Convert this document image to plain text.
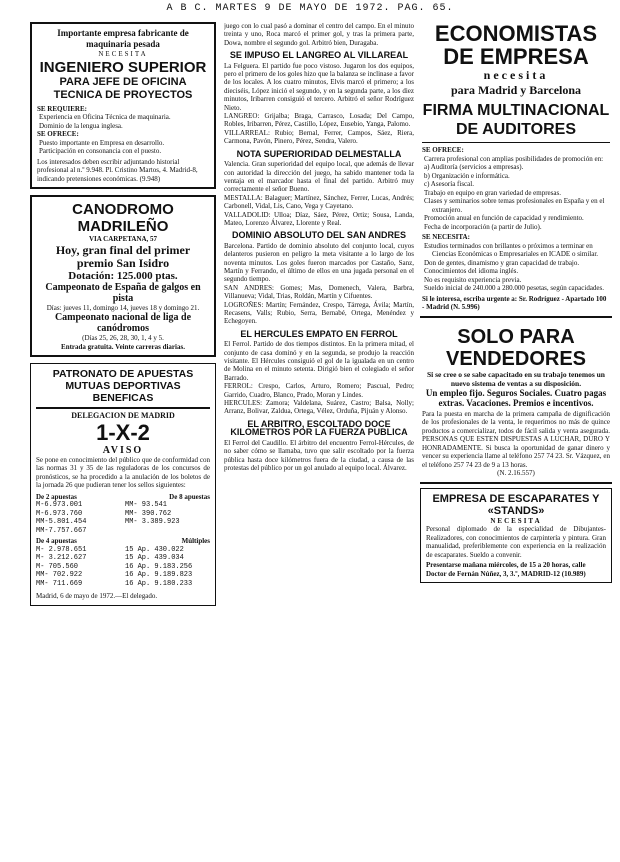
A B C. MARTES 9 DE MAYO DE 1972. PAG. 65.

Importante empresa fabricante de maquinaria pesada

NECESITA

INGENIERO SUPERIOR

PARA JEFE DE OFICINA TECNICA DE PROYECTOS

SE REQUIERE:

Experiencia en Oficina Técnica de maquinaria.

Dominio de la lengua inglesa.

SE OFRECE:

Puesto importante en Empresa en desarrollo.

Participación en consonancia con el puesto.

Los interesados deben escribir adjuntando historial profesional al n.º 9.948. Pl. Cristino Martos, 4. Madrid-8, indicando pretensiones económicas. (9.948)

CANODROMO MADRILEÑO

VIA CARPETANA, 57

Hoy, gran final del primer premio San Isidro

Dotación: 125.000 ptas.

Campeonato de España de galgos en pista

Días: jueves 11, domingo 14, jueves 18 y domingo 21.

Campeonato nacional de liga de canódromos

(Días 25, 26, 28, 30, 1, 4 y 5.

Entrada gratuita. Veinte carreras diarias.

PATRONATO DE APUESTAS MUTUAS DEPORTIVAS BENEFICAS

DELEGACION DE MADRID

1-X-2

AVISO

Se pone en conocimiento del público que de conformidad con las normas 31 y 35 de las reguladoras de los concursos de pronósticos, se ha procedido a la anulación de los boletos de la jornada 26 que pudieran tener los sellos siguientes:

De 2 apuestas	De 8 apuestas

M-6.973.001

M-6.973.760

MM-5.801.454

MM-7.757.667

MM- 93.541

MM- 390.762

MM- 3.389.923

De 4 apuestas	Múltiples

M- 2.978.651

M- 3.212.627

M- 705.560

MM- 702.922

MM- 711.669

15 Ap. 430.022

15 Ap. 439.034

16 Ap. 9.183.256

16 Ap. 9.189.823

16 Ap. 9.180.233

Madrid, 6 de mayo de 1972.—El delegado.

juego con lo cual pasó a dominar el centro del campo. En el minuto treinta y uno, Roca marcó el primer gol, y tras la primera parte, Dowa, nombre el segundo gol. Arbitró bien, Duragaba.

SE IMPUSO EL LANGREO AL VILLAREAL

La Felguera. El partido fue poco vistoso. Jugaron los dos equipos, pero el primero de los goles hizo que la balanza se inclinase a favor de los locales. A los cuatro minutos, Elvis marcó el primero; a los dieciséis, López inició el segundo, y en la segunda parte, a los diez minutos, Iribarren consiguió el tercero. Arbitró el señor Rodríguez Nieto.

LANGREO: Grijalba; Braga, Carrasco, Losada; Del Campo, Robles, Iribarren, Pérez, Castillo, López, Eusebio, Yanga, Palomo.

VILLARREAL: Rubio; Bernal, Ferrer, Campos, Sáez, Riera, Carmona, Pavón, Pinero, Pérez, Sendra, Valero.

NOTA SUPERIORIDAD DELMESTALLA

Valencia. Gran superioridad del equipo local, que además de llevar con autoridad la dirección del juego, ha sabido mantener toda la ventaja en el marcador hasta el final del partido. Arbitró muy correctamente el señor Bueno.

MESTALLA: Balaguer; Martínez, Sánchez, Ferrer, Lucas, Andrés; Carbonell, Vidal, Lis, Cano, Vega y Cayetano.

VALLADOLID: Ulloa; Díaz, Sáez, Pérez, Ortiz; Sousa, Landa, Mateo, Lorenzo Álvarez, Llorente y Real.

DOMINIO ABSOLUTO DEL SAN ANDRES

Barcelona. Partido de dominio absoluto del conjunto local, cuyos delanteros pusieron en peligro la meta visitante a lo largo de los noventa minutos. Los goles fueron marcados por Castaño, Sanz, Martín y Ferrando, el último de ellos en una jugada personal en el segundo tiempo.

SAN ANDRES: Gomes; Mas, Domenech, Valera, Barbra, Villanueva; Vidal, Trias, Roldán, Martín y Cifuentes.

LOGROÑES: Martín; Fernández, Crespo, Tárrega, Ávila; Martín, Recasens, Valls; Rubio, Serra, Bernabé, Ortega, Menéndez y Echegoyen.

EL HERCULES EMPATO EN FERROL

El Ferrol. Partido de dos tiempos distintos. En la primera mitad, el conjunto de casa dominó y en la segunda, se produjo la reacción visitante. El Hércules consiguió el gol de la igualada en un centro de Molina en el minuto setenta. Dirigió bien el colegiado el señor Barrado.

FERROL: Crespo, Carlos, Arturo, Romero; Pascual, Pedro; Garrido, Cuadro, Blanco, Prado, Moran y Lindes.

HERCULES: Zamora; Valdelana, Suárez, Castro; Balsa, Nolly; Arranz, Bolivar, Zaldua, Ortega, Vélez, Orduña, Pijuán y Alonso.

EL ARBITRO, ESCOLTADO DOCE KILOMETROS POR LA FUERZA PUBLICA

El Ferrol del Caudillo. El árbitro del encuentro Ferrol-Hércules, de no saber cómo se llamaba, tuvo que salir escoltado por la fuerza pública hasta doce kilómetros fuera de la ciudad, a causa de las protestas del público por un gol anulado al equipo local. Álvarez.

ECONOMISTAS DE EMPRESA

necesita

para Madrid y Barcelona

FIRMA MULTINACIONAL DE AUDITORES

SE OFRECE:

Carrera profesional con amplias posibilidades de promoción en:

a) Auditoría (servicios a empresas).

b) Organización e informática.

c) Asesoría fiscal.

Trabajo en equipo en gran variedad de empresas.

Clases y seminarios sobre temas profesionales en España y en el extranjero.

Promoción anual en función de capacidad y rendimiento.

Fecha de incorporación (a partir de Julio).

SE NECESITA:

Estudios terminados con brillantes o próximos a terminar en Ciencias Económicas o Empresariales en ICADE o similar.

Don de gentes, dinamismo y gran capacidad de trabajo.

Conocimientos del idioma inglés.

No es requisito experiencia previa.

Sueldo inicial de 240.000 a 280.000 pesetas, según capacidades.

Si le interesa, escriba urgente a: Sr. Rodríguez - Apartado 100 - Madrid (N. 5.996)

SOLO PARA VENDEDORES

Si se cree o se sabe capacitado en su trabajo tenemos un nuevo sistema de ventas a su disposición.

Un empleo fijo. Seguros Sociales. Cuatro pagas extras. Vacaciones. Premios e incentivos.

Para la puesta en marcha de la primera campaña de dignificación de los profesionales de la venta, le requerimos no más de quince productos a comercializar, todos de fácil salida y venta asegurada. PERSONAS QUE ESTEN DISPUESTAS A LUCHAR, DURO Y HONRADAMENTE. Si busca la oportunidad de ganar dinero y vencer su experiencia llame al teléfono 257 74 23. Sr. Vázquez, en el teléfono 257 74 23 de 9 a 13 horas.

(N. 2.16.557)

EMPRESA DE ESCAPARATES Y «STANDS»

NECESITA

Personal diplomado de la especialidad de Dibujantes-Realizadores, con conocimientos de carpintería y pintura. Gran manualidad, preferiblemente con experiencia en la realización de escaparates. Sueldo a convenir.

Presentarse mañana miércoles, de 15 a 20 horas, calle Doctor de Fernán Núñez, 3, 3.º, MADRID-12 (10.989)
